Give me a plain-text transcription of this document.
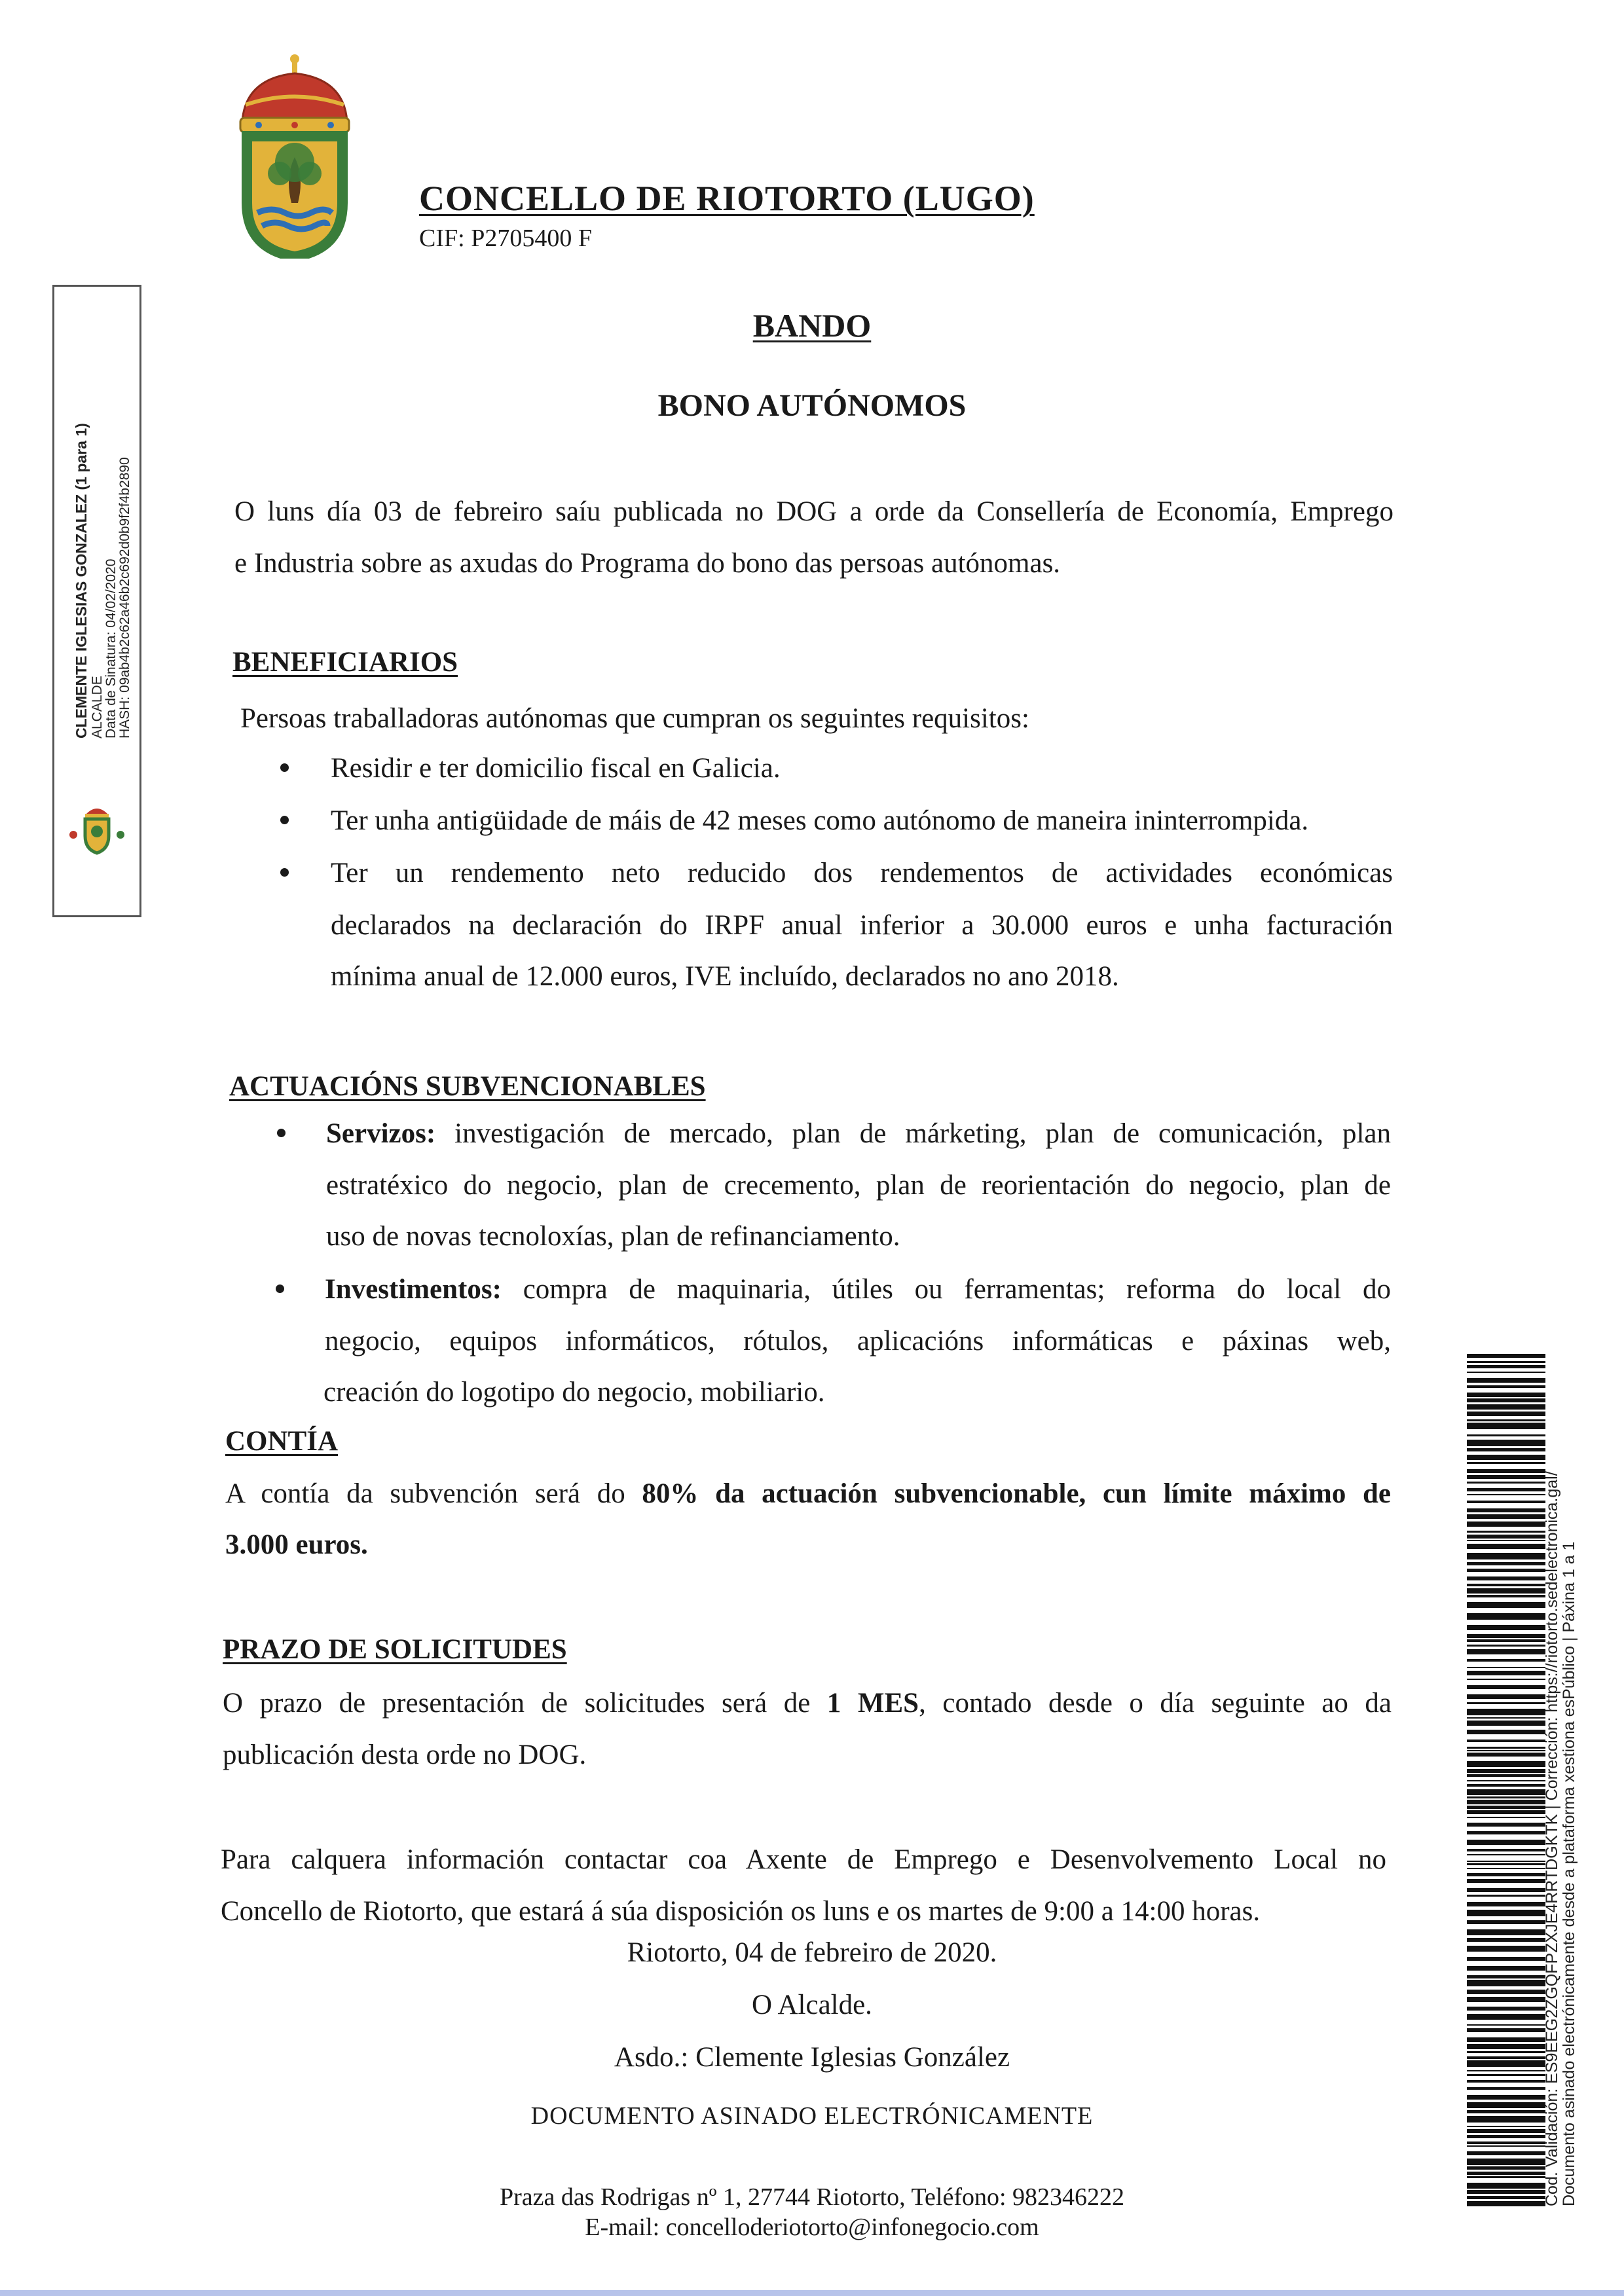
CONCELLO DE RIOTORTO (LUGO)
CIF: P2705400 F
BANDO
BONO AUTÓNOMOS
CLEMENTE IGLESIAS GONZALEZ (1 para 1) ALCALDE
Data de Sinatura: 04/02/2020
HASH: 09ab4b2c62a46b2c692d0b9f2f4b2890	O luns día 03 de febreiro saíu publicada no DOG a orde da Consellería de Economía, Emprego
e Industria sobre as axudas do Programa do bono das persoas autónomas.
BENEFICIARIOS
Persoas traballadoras autónomas que cumpran os seguintes requisitos:
Residir e ter domicilio fiscal en Galicia.
Ter unha antigüidade de máis de 42 meses como autónomo de maneira ininterrompida.
Ter un rendemento neto reducido dos rendementos de actividades económicas
declarados na declaración do IRPF anual inferior a 30.000 euros e unha facturación
mínima anual de 12.000 euros, IVE incluído, declarados no ano 2018.
ACTUACIÓNS SUBVENCIONABLES
Servizos: investigación de mercado, plan de márketing, plan de comunicación, plan
estratéxico do negocio, plan de crecemento, plan de reorientación do negocio, plan de
uso de novas tecnoloxías, plan de refinanciamento.
Investimentos: compra de maquinaria, útiles ou ferramentas; reforma do local do
negocio, equipos informáticos, rótulos, aplicacións informáticas e páxinas web,
creación do logotipo do negocio, mobiliario.
CONTÍA
A contía da subvención será do 80% da actuación subvencionable, cun límite máximo de
3.000 euros.
PRAZO DE SOLICITUDES
O prazo de presentación de solicitudes será de 1 MES, contado desde o día seguinte ao da
publicación desta orde no DOG.
Para calquera información contactar coa Axente de Emprego e Desenvolvemento Local no
Concello de Riotorto, que estará á súa disposición os luns e os martes de 9:00 a 14:00 horas.
Riotorto, 04 de febreiro de 2020.
O Alcalde.
Asdo.: Clemente Iglesias González
DOCUMENTO ASINADO ELECTRÓNICAMENTE
Praza das Rodrigas nº 1, 27744 Riotorto, Teléfono: 982346222
E-mail: concelloderiotorto@infonegocio.com
Cod. Validación: ES9EEG2ZGQFPZXJE4RRTDGKTK | Corrección: https://riotorto.sedelectronica.gal/
Documento asinado electrónicamente desde a plataforma xestiona esPúblico | Páxina 1 a 1
